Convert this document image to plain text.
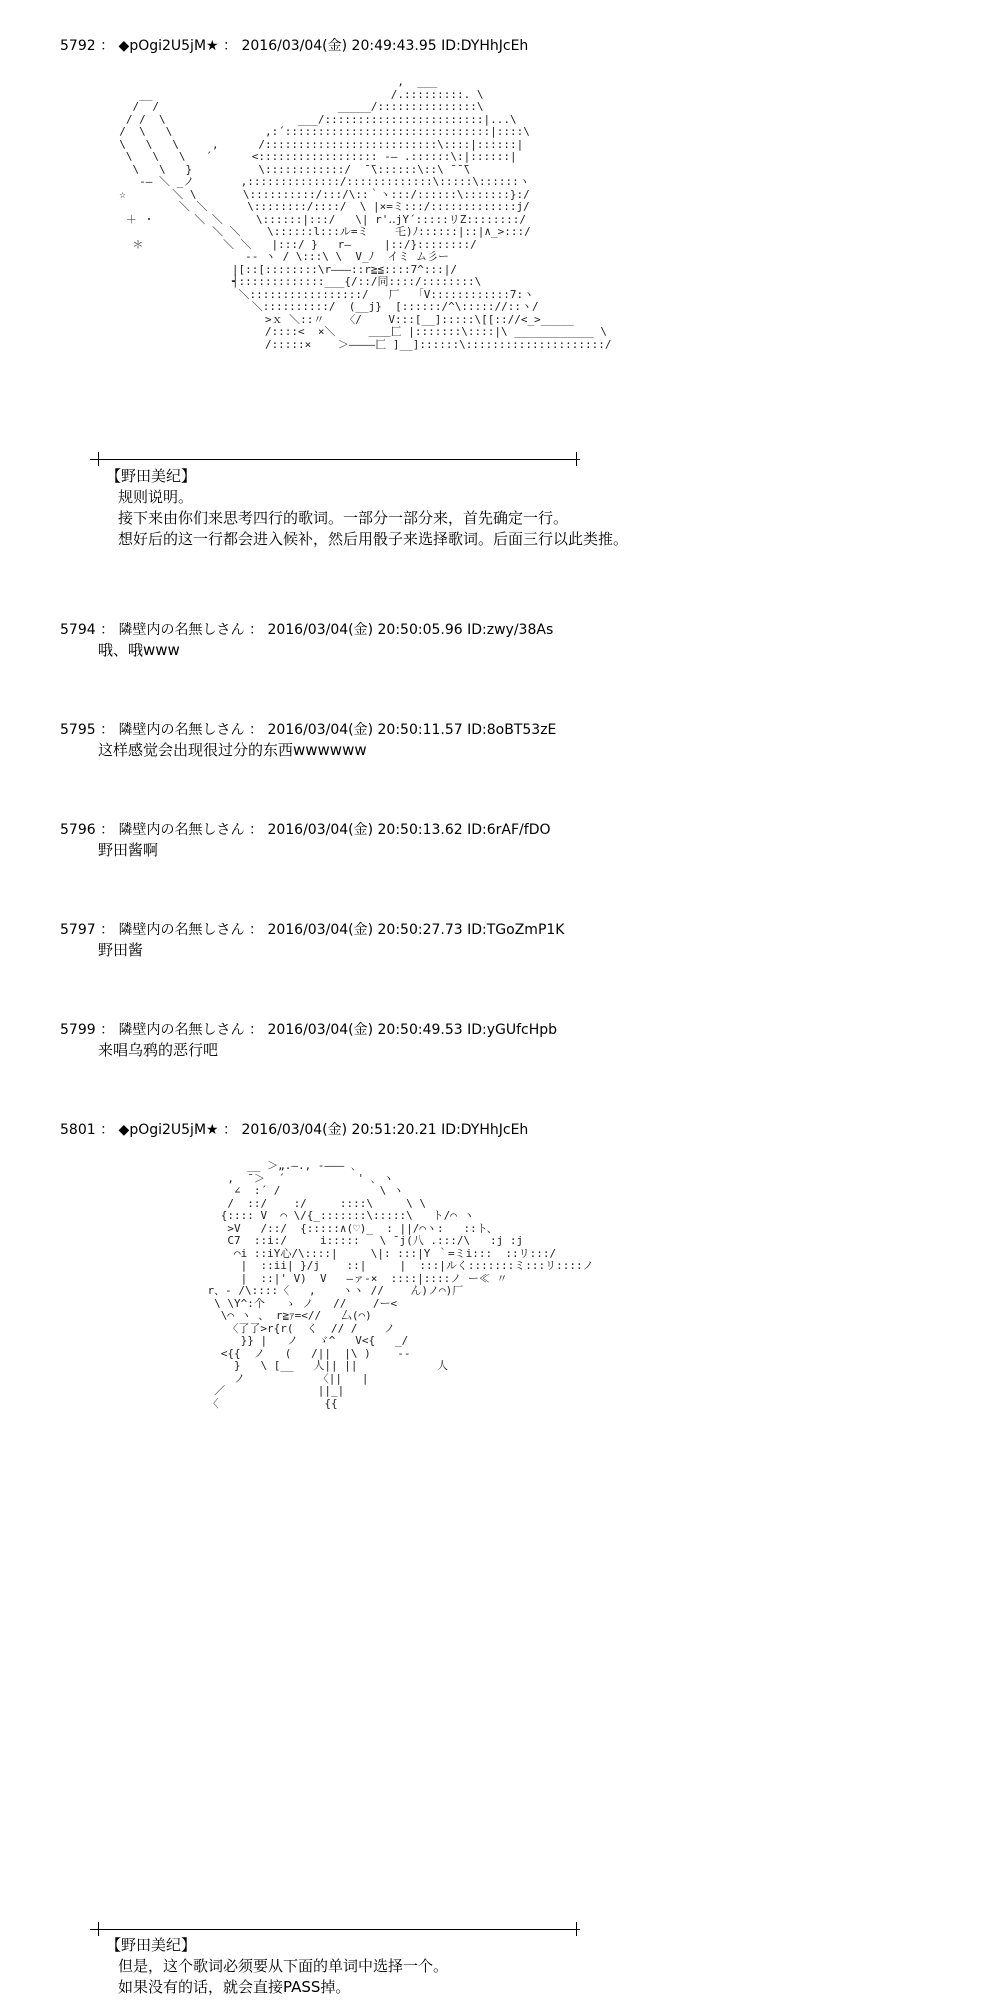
5792 ： ◆pOgi2U5jM★ ： 2016/03/04(金) 20:49:43.95 ID:DYHhJcEh
,  ___
__                                    /.:::::::::. \
/  /                           _____/:::::::::::::::\
/ /  \                    ___/::::::::::::::::::::::::|...\
/  \   \              ,:´:::::::::::::::::::::::::::::::|::::\
\   \   \     ,      /::::::::::::::::::::::::::\::::|::::::|
\   \   \   ´      <:::::::::::::::::: ‐― .::::::\:|::::::|
\   \   }          \::::::::::::/  ̄ ̄\::::::\::\ ̄ ̄ ̄\
‐― ＼ _ノ       ,::::::::::::::/:::::::::::::\:::::\::::::ヽ
☆       ＼ \       \::::::::::/:::/\::｀ヽ:::/::::::\:::::::}:/
＼ ＼      \::::::::/::::/  \ |×=ミ:::/:::::::::::::j/
＋ ・      ＼ ＼     \::::::|:::/   \| r'‥jY´:::::リZ::::::::/
＼ ＼    \::::::l:::ル=ミ    乇)ﾉ::::::|::|∧_>:::/
＊            ＼ ＼   |:::/ }   r―     |::/}::::::::/
-‐ ヽ / \:::\ \  V_ﾉ  イミ ム彡ー
|[::[::::::::\r―――::r≧≦::::7^:::|/
┥:::::::::::::___{/::/同::::/::::::::\
＼:::::::::::::::::/   厂  「V::::::::::::7:ヽ
＼::::::::::/  (__j}  [::::::/^\::::://::ヽ/
>ｘ ＼::〃   〈/    V:::[__]:::::\[[:://<_>_____
/::::<  ×＼     ＿＿匚 |:::::::\::::|\ ____________ \
/:::::×    ＞――――匚 ]__]::::::\:::::::::::::::::::::/
【野田美纪】
规则说明。
接下来由你们来思考四行的歌词。一部分一部分来，首先确定一行。
想好后的这一行都会进入候补，然后用骰子来选择歌词。后面三行以此类推。
5794 ： 隣壁内の名無しさん ： 2016/03/04(金) 20:50:05.96 ID:zwy/38As
哦、哦www
5795 ： 隣壁内の名無しさん ： 2016/03/04(金) 20:50:11.57 ID:8oBT53zE
这样感觉会出现很过分的东西wwwwww
5796 ： 隣壁内の名無しさん ： 2016/03/04(金) 20:50:13.62 ID:6rAF/fDO
野田酱啊
5797 ： 隣壁内の名無しさん ： 2016/03/04(金) 20:50:27.73 ID:TGoZmP1K
野田酱
5799 ： 隣壁内の名無しさん ： 2016/03/04(金) 20:50:49.53 ID:yGUfcHpb
来唱乌鸦的恶行吧
5801 ： ◆pOgi2U5jM★ ： 2016/03/04(金) 20:51:20.21 ID:DYHhJcEh
__ ＞„.―., ‐――― ､
,  ̄ ＞  ´           ' ､ ヽ
∠  :´ /               \ ヽ
/  ::/    :/     ::::\     \ \
{:::: V  ⌒ \/{_:::::::\:::::\   ト/⌒ ヽ
>V   /::/  {:::::∧(♡)_  : ||/⌒ヽ:   ::ト、
C7  ::i:/     i:::::   \ ̄ j(八 .:::/\   :j :j
⌒i ::iY心/\::::|     \|: :::|Y ｀=ミi:::  ::リ:::/
|  ::ii| }/j    ::|     |  :::|ルく:::::::ミ:::リ::::ノ
|  ::|' V)  V   ―ァ‐×  ::::|::::ノ ー≪ 〃
r、- /\::::〈   ,    ヽヽ //    ん)ノ⌒)厂
\ \Y^:个   ゝ ノ   //    /ー<
\⌒ ヽ 、 r≧ｧ=<//   厶(⌒)
〈了了>r{r(  く  // /    ノ
}} |   ノ   ゞ^   V<{   _/
<{{  ノ   (   /||  |\ )    ‐‐
}   \ [__   人|| ||            人
ノ           〈||   |
／              ||_|
〈                {{
【野田美纪】
但是，这个歌词必须要从下面的单词中选择一个。
如果没有的话，就会直接PASS掉。
